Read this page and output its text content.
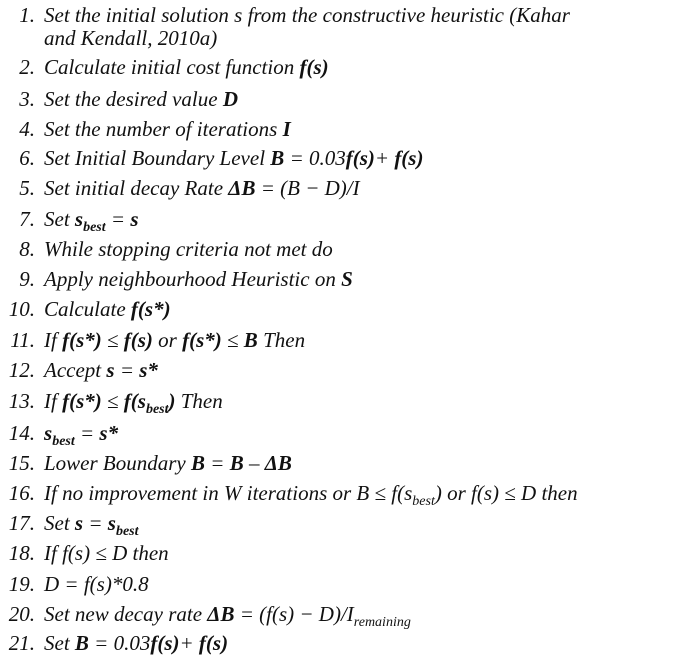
1. Set the initial solution s from the constructive heuristic (Kahar
and Kendall, 2010a)
2. Calculate initial cost function f(s)
3. Set the desired value D
4. Set the number of iterations I
6. Set Initial Boundary Level B = 0.03f(s)+ f(s)
5. Set initial decay Rate ΔB = (B − D)/I
7. Set $s_{best} = s$
8. While stopping criteria not met do
9. Apply neighbourhood Heuristic on S
10. Calculate f(s*)
11. If f(s*) ≤ f(s) or f(s*) ≤ B Then
12. Accept s = s*
13. If $f(s*) \le f(s_{best})$ Then
14. $s_{best} = s*$
15. Lower Boundary B = B – ΔB
16. If no improvement in W iterations or $B \le f(s_{best})$ or f(s) ≤ D then
17. Set $s = s_{best}$
18. If f(s) ≤ D then
19. D = f(s)*0.8
20. Set new decay rate $\Delta B = (f(s) - D)/I_{remaining}$
21. Set B = 0.03f(s)+ f(s)
